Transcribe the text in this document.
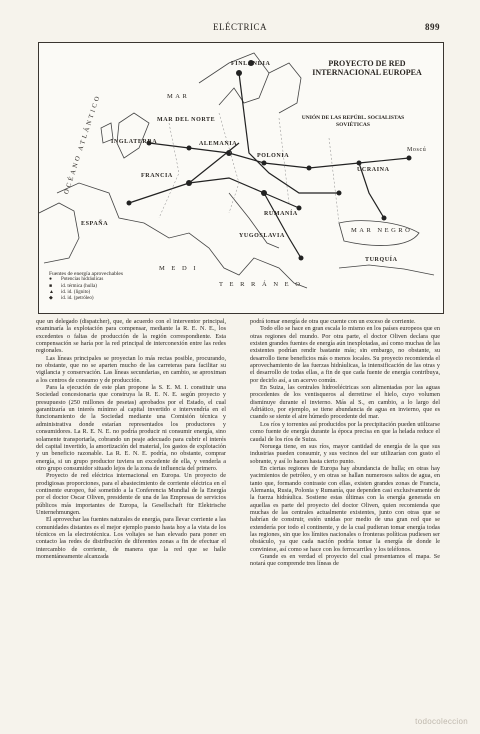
ELÉCTRICA	899
PROYECTO DE RED INTERNACIONAL EUROPEA
UNIÓN DE LAS REPÚBL. SOCIALISTAS SOVIÉTICAS
FINLANDIA
MAR
MAR DEL NORTE
INGLATERRA	ALEMANIA
POLONIA
FRANCIA
ESPAÑA
RUMANÍA
UCRAINA
MAR NEGRO
TURQUÍA
YUGOSLAVIA
M E D I
T E R R Á N E O
OCÉANO ATLÁNTICO	Moscú
Fuentes de energía aprovechables
● Potencias hidráulicas
■ id. térmica (hulla)
▲ id. id. (lignito)
◆ id. id. (petróleo)

que un delegado (dispatcher), que, de acuerdo con el interventor principal, examinaría la explotación para compensar, mediante la R. E. N. E., los excedentes o faltas de producción de la región correspondiente. Esta compensación se haría por la red principal de interconexión entre las redes regionales.

Las líneas principales se proyectan lo más rectas posible, procurando, no obstante, que no se aparten mucho de las carreteras para facilitar su vigilancia y conservación. Las líneas secundarias, en cambio, se aproximan a los centros de consumo y de producción.

Para la ejecución de este plan propone la S. E. M. I. constituir una Sociedad concesionaria que construya la R. E. N. E. según proyecto y presupuesto (250 millones de pesetas) aprobados por el Estado, el cual garantizaría un interés mínimo al capital invertido e intervendría en el funcionamiento de la Sociedad mediante una Comisión técnica y administrativa donde estarían representados los productores y consumidores. La R. E. N. E. no podría producir ni consumir energía, sino solamente transportarla, cobrando un peaje adecuado para cubrir el interés del capital invertido, la amortización del material, los gastos de explotación y un beneficio razonable. La R. E. N. E. podría, no obstante, comprar energía, si un grupo productor tuviera un excedente de ella, y venderla a otro grupo consumidor situado lejos de la zona de influencia del primero.

Proyecto de red eléctrica internacional en Europa. Un proyecto de prodigiosas proporciones, para el abastecimiento de corriente eléctrica en el continente europeo, fué sometido a la Conferencia Mundial de la Energía por el doctor Oscar Oliven, presidente de una de las Empresas de servicios públicos más importantes de Europa, la Gesellschaft für Elektrische Unternehmungen.

El aprovechar las fuentes naturales de energía, para llevar corriente a las comunidades distantes es el mejor ejemplo puesto hasta hoy a la vista de los técnicos en la electrotécnica. Los voltajes se han elevado para poner en contacto las redes de distribución de diferentes zonas a fin de efectuar el intercambio de corriente, de manera que la red que se halle momentáneamente alcanzada

podrá tomar energía de otra que cuente con un exceso de corriente.

Todo ello se hace en gran escala lo mismo en los países europeos que en otras regiones del mundo. Por otra parte, el doctor Oliven declara que existen grandes fuentes de energía aún inexplotadas, así como muchas de las existentes podrían rendir bastante más; sin embargo, no obstante, su desarrollo tiene beneficios más o menos locales. Su proyecto recomienda el aprovechamiento de las fuerzas hidráulicas, la intensificación de las otras y el desarrollo de todas ellas, a fin de que cada fuente de energía contribuya, por decirlo así, a un acervo común.

En Suiza, las centrales hidroeléctricas son alimentadas por las aguas procedentes de los ventisqueros al derretirse el hielo, cuyo volumen disminuye durante el invierno. Más al S., en cambio, a lo largo del Adriático, por ejemplo, se tiene abundancia de agua en invierno, que es cuando se siente el aire húmedo procedente del mar.

Los ríos y torrentes así producidos por la precipitación pueden utilizarse como fuente de energía durante la época precisa en que la helada reduce el caudal de los ríos de Suiza.

Noruega tiene, en sus ríos, mayor cantidad de energía de la que sus industrias pueden consumir, y sus vecinos del sur utilizarían con gusto el sobrante, y así lo hacen hasta cierto punto.

En ciertas regiones de Europa hay abundancia de hulla; en otras hay yacimientos de petróleo, y en otras se hallan numerosos saltos de agua, en tanto que, formando contraste con ellas, existen grandes zonas de Francia, Alemania, Rusia, Polonia y Rumanía, que dependen casi exclusivamente de la fuerza hidráulica. Sostiene estas últimas con la energía generada en aquellas es parte del proyecto del doctor Oliven, quien recomienda que muchas de las centrales actualmente existentes, junto con otras que se habrían de construir, estén unidas por medio de una gran red que se extendería por todo el continente, y de la cual pudieran tomar energía todas las regiones, sin que los límites nacionales o fronteras políticas pudiesen ser obstáculo, ya que cada nación podría tomar la energía de donde le conviniese, así como se hace con los ferrocarriles y los teléfonos.

Grande es en verdad el proyecto del cual presentamos el mapa. Se notará que comprende tres líneas de

todocoleccion
